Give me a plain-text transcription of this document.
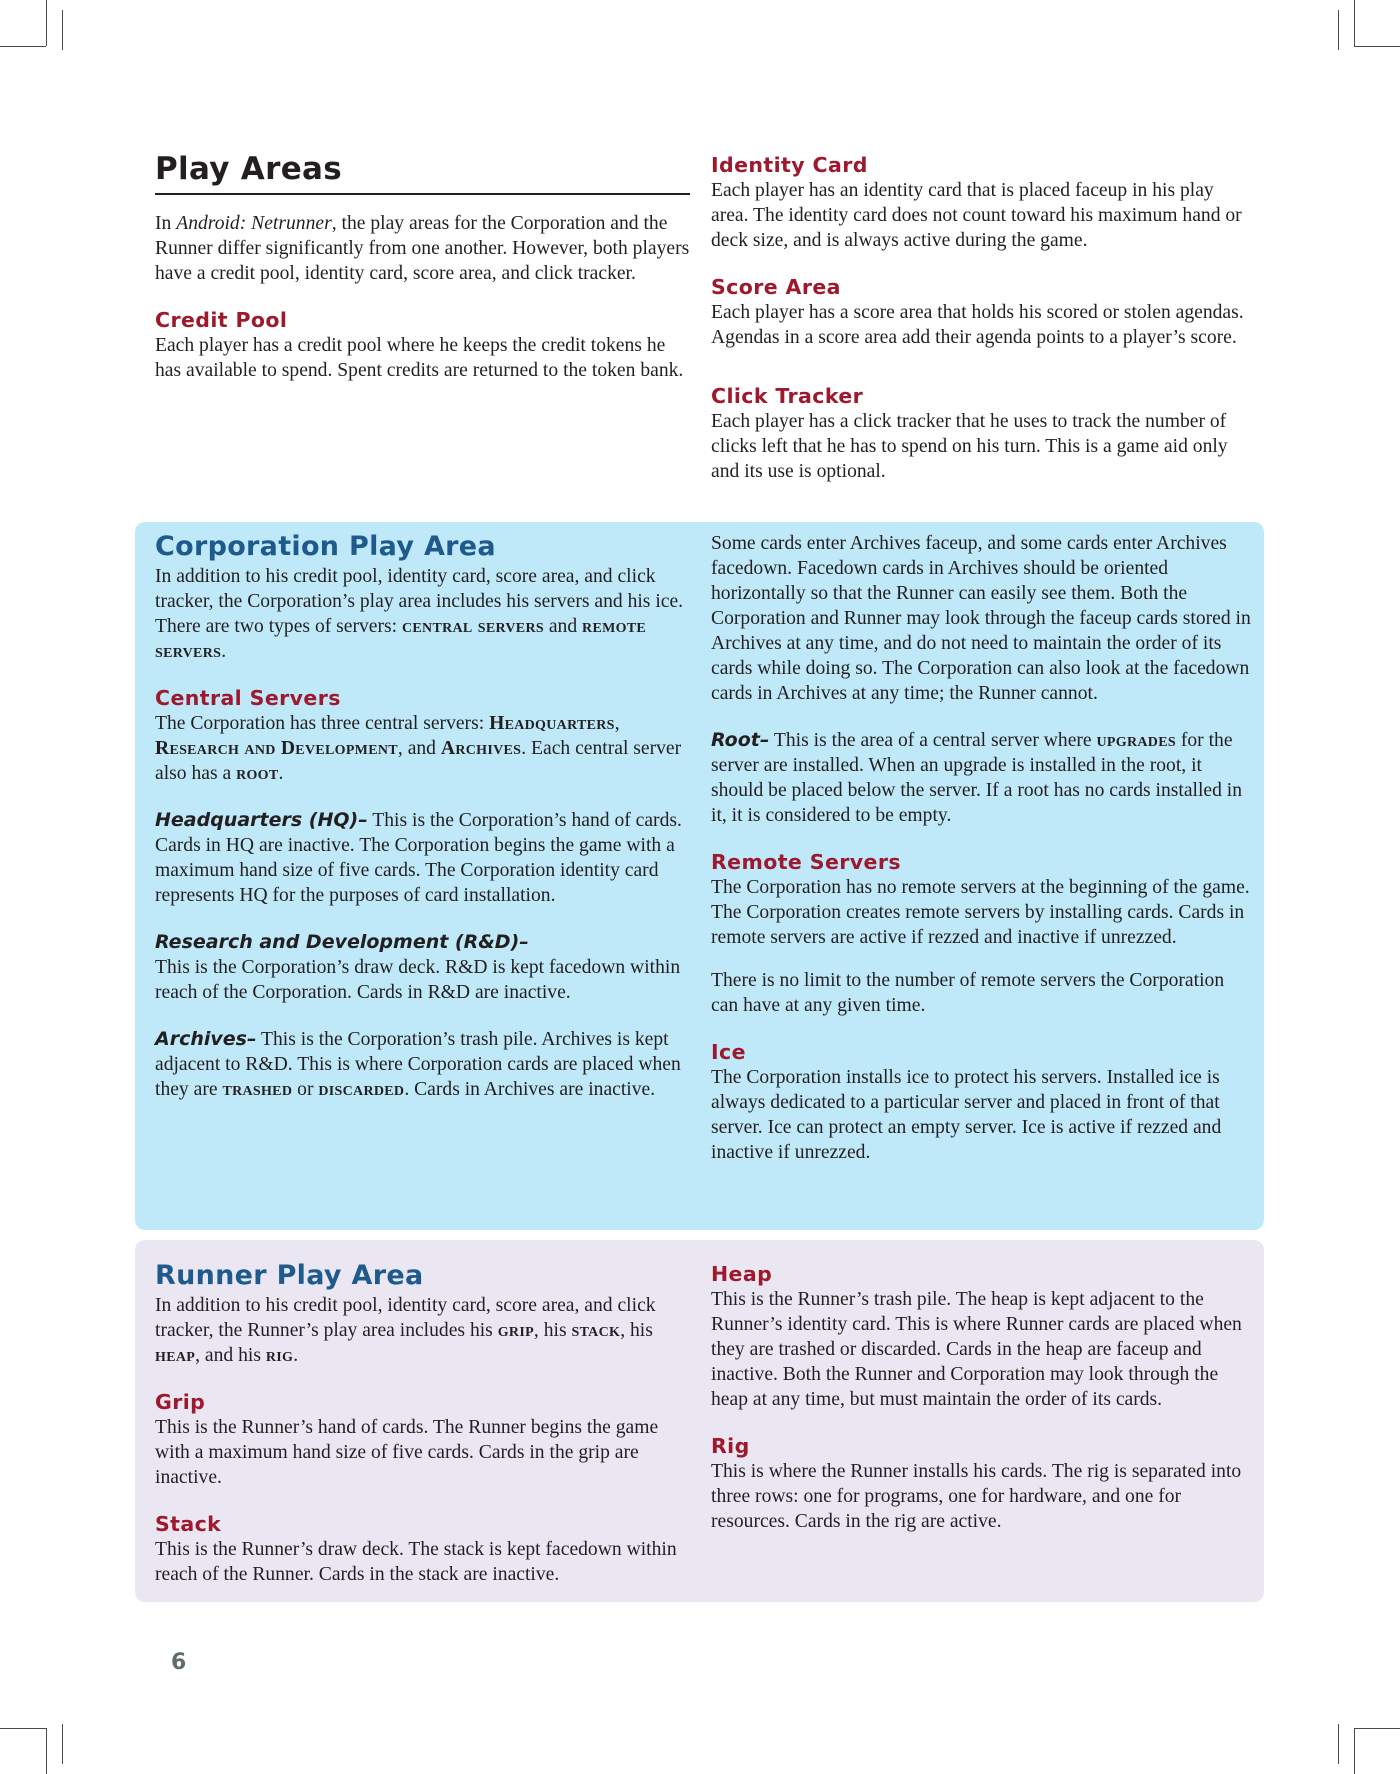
Play Areas

In Android: Netrunner, the play areas for the Corporation and the Runner differ significantly from one another. However, both players have a credit pool, identity card, score area, and click tracker.

Credit Pool

Each player has a credit pool where he keeps the credit tokens he has available to spend. Spent credits are returned to the token bank.

Identity Card

Each player has an identity card that is placed faceup in his play area. The identity card does not count toward his maximum hand or deck size, and is always active during the game.

Score Area

Each player has a score area that holds his scored or stolen agendas. Agendas in a score area add their agenda points to a player’s score.

Click Tracker

Each player has a click tracker that he uses to track the number of clicks left that he has to spend on his turn. This is a game aid only and its use is optional.

Corporation Play Area

In addition to his credit pool, identity card, score area, and click tracker, the Corporation’s play area includes his servers and his ice. There are two types of servers: central servers and remote servers.

Central Servers

The Corporation has three central servers: Headquarters, Research and Development, and Archives. Each central server also has a root.

Headquarters (HQ)– This is the Corporation’s hand of cards. Cards in HQ are inactive. The Corporation begins the game with a maximum hand size of five cards. The Corporation identity card represents HQ for the purposes of card installation.

Research and Development (R&D)–

This is the Corporation’s draw deck. R&D is kept facedown within reach of the Corporation. Cards in R&D are inactive.

Archives– This is the Corporation’s trash pile. Archives is kept adjacent to R&D. This is where Corporation cards are placed when they are trashed or discarded. Cards in Archives are inactive.

Some cards enter Archives faceup, and some cards enter Archives facedown. Facedown cards in Archives should be oriented horizontally so that the Runner can easily see them. Both the Corporation and Runner may look through the faceup cards stored in Archives at any time, and do not need to maintain the order of its cards while doing so. The Corporation can also look at the facedown cards in Archives at any time; the Runner cannot.

Root– This is the area of a central server where upgrades for the server are installed. When an upgrade is installed in the root, it should be placed below the server. If a root has no cards installed in it, it is considered to be empty.

Remote Servers

The Corporation has no remote servers at the beginning of the game. The Corporation creates remote servers by installing cards. Cards in remote servers are active if rezzed and inactive if unrezzed.

There is no limit to the number of remote servers the Corporation can have at any given time.

Ice

The Corporation installs ice to protect his servers. Installed ice is always dedicated to a particular server and placed in front of that server. Ice can protect an empty server. Ice is active if rezzed and inactive if unrezzed.

Runner Play Area

In addition to his credit pool, identity card, score area, and click tracker, the Runner’s play area includes his grip, his stack, his heap, and his rig.

Grip

This is the Runner’s hand of cards. The Runner begins the game with a maximum hand size of five cards. Cards in the grip are inactive.

Stack

This is the Runner’s draw deck. The stack is kept facedown within reach of the Runner. Cards in the stack are inactive.

Heap

This is the Runner’s trash pile. The heap is kept adjacent to the Runner’s identity card. This is where Runner cards are placed when they are trashed or discarded. Cards in the heap are faceup and inactive. Both the Runner and Corporation may look through the heap at any time, but must maintain the order of its cards.

Rig

This is where the Runner installs his cards. The rig is separated into three rows: one for programs, one for hardware, and one for resources. Cards in the rig are active.

6
